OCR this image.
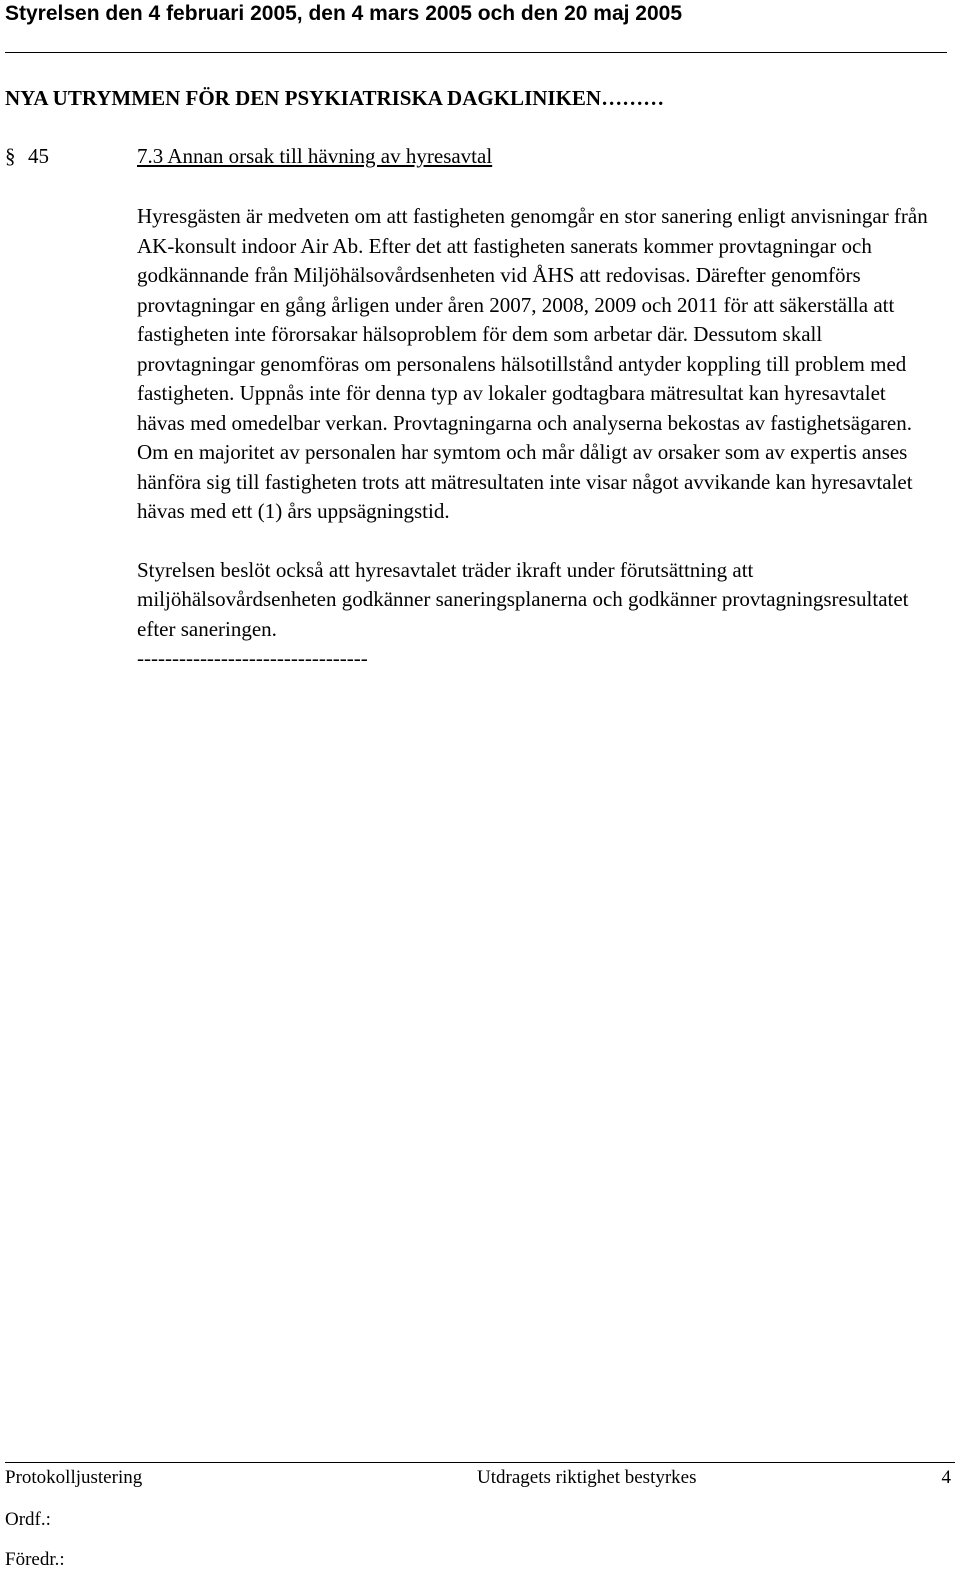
Styrelsen den 4 februari 2005, den 4 mars 2005 och den 20 maj 2005
NYA UTRYMMEN FÖR DEN PSYKIATRISKA DAGKLINIKEN………
§ 45	7.3 Annan orsak till hävning av hyresavtal

Hyresgästen är medveten om att fastigheten genomgår en stor sanering enligt anvisningar från AK-konsult indoor Air Ab. Efter det att fastigheten sanerats kommer provtagningar och godkännande från Miljöhälsovårdsenheten vid ÅHS att redovisas. Därefter genomförs provtagningar en gång årligen under åren 2007, 2008, 2009 och 2011 för att säkerställa att fastigheten inte förorsakar hälsoproblem för dem som arbetar där. Dessutom skall provtagningar genomföras om personalens hälsotillstånd antyder koppling till problem med fastigheten. Uppnås inte för denna typ av lokaler godtagbara mätresultat kan hyresavtalet hävas med omedelbar verkan. Provtagningarna och analyserna bekostas av fastighetsägaren.

Om en majoritet av personalen har symtom och mår dåligt av orsaker som av expertis anses hänföra sig till fastigheten trots att mätresultaten inte visar något avvikande kan hyresavtalet hävas med ett (1) års uppsägningstid.

Styrelsen beslöt också att hyresavtalet träder ikraft under förutsättning att miljöhälsovårdsenheten godkänner saneringsplanerna och godkänner provtagningsresultatet efter saneringen.

---------------------------------

Protokolljustering	Utdragets riktighet bestyrkes	4
Ordf.:
Föredr.:
